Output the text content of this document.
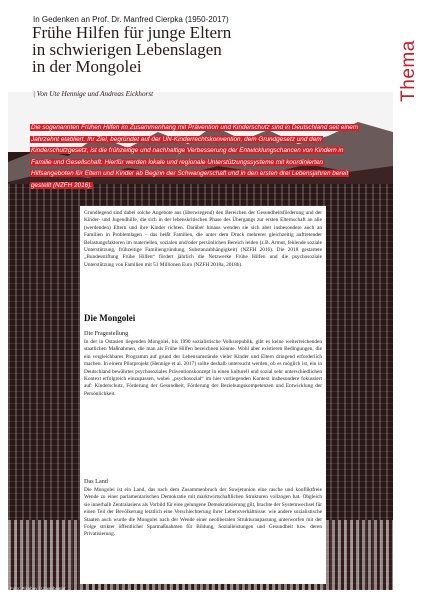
In Gedenken an Prof. Dr. Manfred Cierpka (1950-2017)
Frühe Hilfen für junge Eltern
in schwierigen Lebenslagen
in der Mongolei
| Von Ute Hennige und Andreas Eickhorst	Thema
Die sogenannten Frühen Hilfen im Zusammenhang mit Prävention und Kinderschutz sind in Deutschland seit einem Jahrzehnt etabliert. Ihr Ziel, begründet auf der UN-Kinderrechtskonvention, dem Grundgesetz und dem Kinderschutzgesetz, ist die frühzeitige und nachhaltige Verbesserung der Entwicklungschancen von Kindern in Familie und Gesellschaft. Hierfür werden lokale und regionale Unterstützungssysteme mit koordinierten Hilfsangeboten für Eltern und Kinder ab Beginn der Schwangerschaft und in den ersten drei Lebensjahren bereit gestellt (NZFH 2016).
Grundlegend sind dabei solche Angebote aus (überwiegend) den Bereichen der Gesundheitsförderung und der Kinder- und Jugendhilfe, die sich in der lebenskritischen Phase des Übergangs zur ersten Elternschaft an alle (werdenden) Eltern und ihre Kinder richten. Darüber hinaus wenden sie sich aber insbesondere auch an Familien in Problemlagen – das heißt Familien, die unter dem Druck mehrerer gleichzeitig auftretender Belastungsfaktoren im materiellen, sozialen und/oder persönlichen Bereich leiden (z.B. Armut, fehlende soziale Unterstützung, frühzeitige Familiengründung, Substanzabhängigkeit) (NZFH 2016). Die 2018 gestartete „Bundesstiftung Frühe Hilfen“ fördert jährlich die Netzwerke Frühe Hilfen und die psychosoziale Unterstützung von Familien mit 51 Millionen Euro (NZFH 2018a, 2018b).
Die Mongolei
Die Fragestellung
In der in Ostasien liegenden Mongolei, bis 1990 sozialistische Volksrepublik, gibt es keine weiterreichenden staatlichen Maßnahmen, die man als Frühe Hilfen bezeichnen könnte. Wohl aber existieren Bedingungen, die ein vergleichbares Programm auf grund der Lebensumstände vieler Kinder und Eltern dringend erforderlich machen. In einem Pilotprojekt (Hennige et al. 2017) sollte deshalb untersucht werden, ob es möglich ist, ein in Deutschland bewährtes psychosoziales Präventionskonzept in einen kulturell und sozial sehr unterschiedlichen Kontext erfolgreich einzupassen, wobei „psychosozial“ im hier vorliegenden Kontext insbesondere fokussiert auf: Kinderschutz, Förderung der Gesundheit, Förderung der Beziehungskompetenzen und Entwicklung der Persönlichkeit.
Das Land
Die Mongolei ist ein Land, das nach dem Zusammenbruch der Sowjetunion eine rasche und konfliktfreie Wende zu einer parlamentarischen Demokratie mit marktwirtschaftlichen Strukturen vollzogen hat. Obgleich sie innerhalb Zentralasiens als Vorbild für eine gelungene Demokratisierung gilt, brachte der Systemwechsel für einen Teil der Bevölkerung letztlich eine Verschlechterung ihrer Lebensverhältnisse: wie andere sozialistische Staaten auch wurde die Mongolei nach der Wende einer neoliberalen Strukturanpassung unterworfen mit der Folge strikter öffentlicher Sparmaßnahmen für Bildung, Sozialleistungen und Gesundheit bzw. deren Privatisierung.
Foto: Pixabay / Ulaanbaatar
